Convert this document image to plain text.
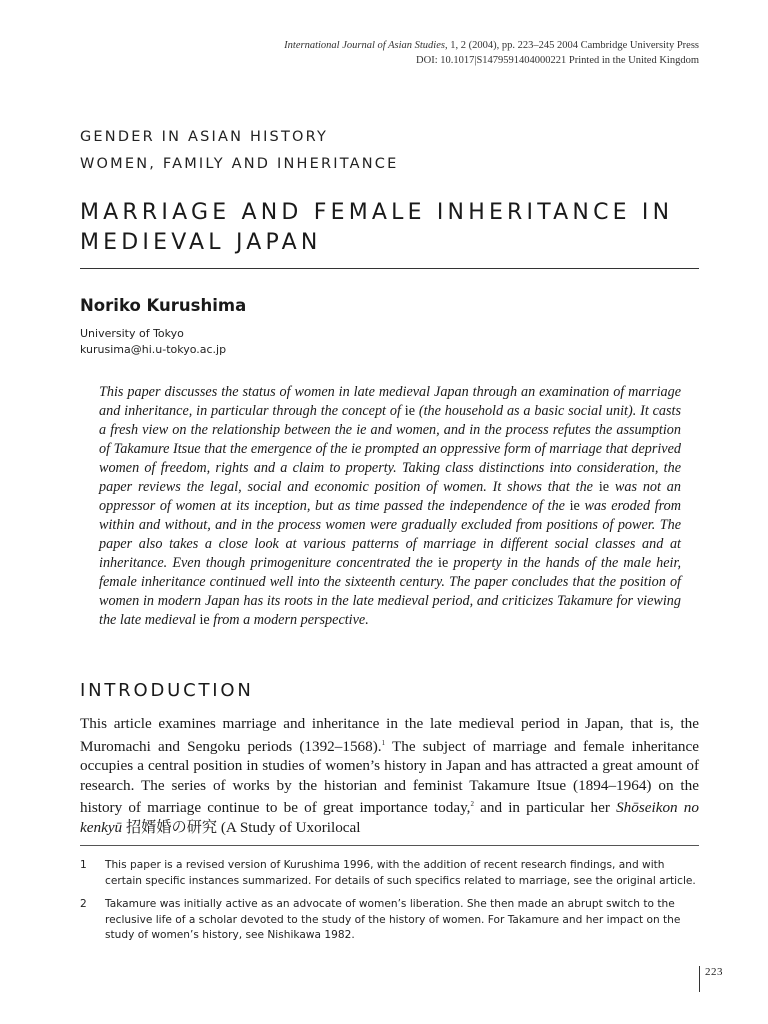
International Journal of Asian Studies, 1, 2 (2004), pp. 223–245 2004 Cambridge University Press
DOI: 10.1017|S1479591404000221 Printed in the United Kingdom
GENDER IN ASIAN HISTORY
WOMEN, FAMILY AND INHERITANCE
MARRIAGE AND FEMALE INHERITANCE IN MEDIEVAL JAPAN
Noriko Kurushima
University of Tokyo
kurusima@hi.u-tokyo.ac.jp
This paper discusses the status of women in late medieval Japan through an examination of marriage and inheritance, in particular through the concept of ie (the household as a basic social unit). It casts a fresh view on the relationship between the ie and women, and in the process refutes the assumption of Takamure Itsue that the emergence of the ie prompted an oppressive form of marriage that deprived women of freedom, rights and a claim to property. Taking class distinctions into consideration, the paper reviews the legal, social and economic position of women. It shows that the ie was not an oppressor of women at its inception, but as time passed the independence of the ie was eroded from within and without, and in the process women were gradually excluded from positions of power. The paper also takes a close look at various patterns of marriage in different social classes and at inheritance. Even though primogeniture concentrated the ie property in the hands of the male heir, female inheritance continued well into the sixteenth century. The paper concludes that the position of women in modern Japan has its roots in the late medieval period, and criticizes Takamure for viewing the late medieval ie from a modern perspective.
INTRODUCTION
This article examines marriage and inheritance in the late medieval period in Japan, that is, the Muromachi and Sengoku periods (1392–1568).$^1$ The subject of marriage and female inheritance occupies a central position in studies of women’s history in Japan and has attracted a great amount of research. The series of works by the historian and feminist Takamure Itsue (1894–1964) on the history of marriage continue to be of great importance today,$^2$ and in particular her Shōseikon no kenkyū 招婿婚の研究 (A Study of Uxorilocal
1 This paper is a revised version of Kurushima 1996, with the addition of recent research findings, and with certain specific instances summarized. For details of such specifics related to marriage, see the original article.
2 Takamure was initially active as an advocate of women’s liberation. She then made an abrupt switch to the reclusive life of a scholar devoted to the study of the history of women. For Takamure and her impact on the study of women’s history, see Nishikawa 1982.
223
